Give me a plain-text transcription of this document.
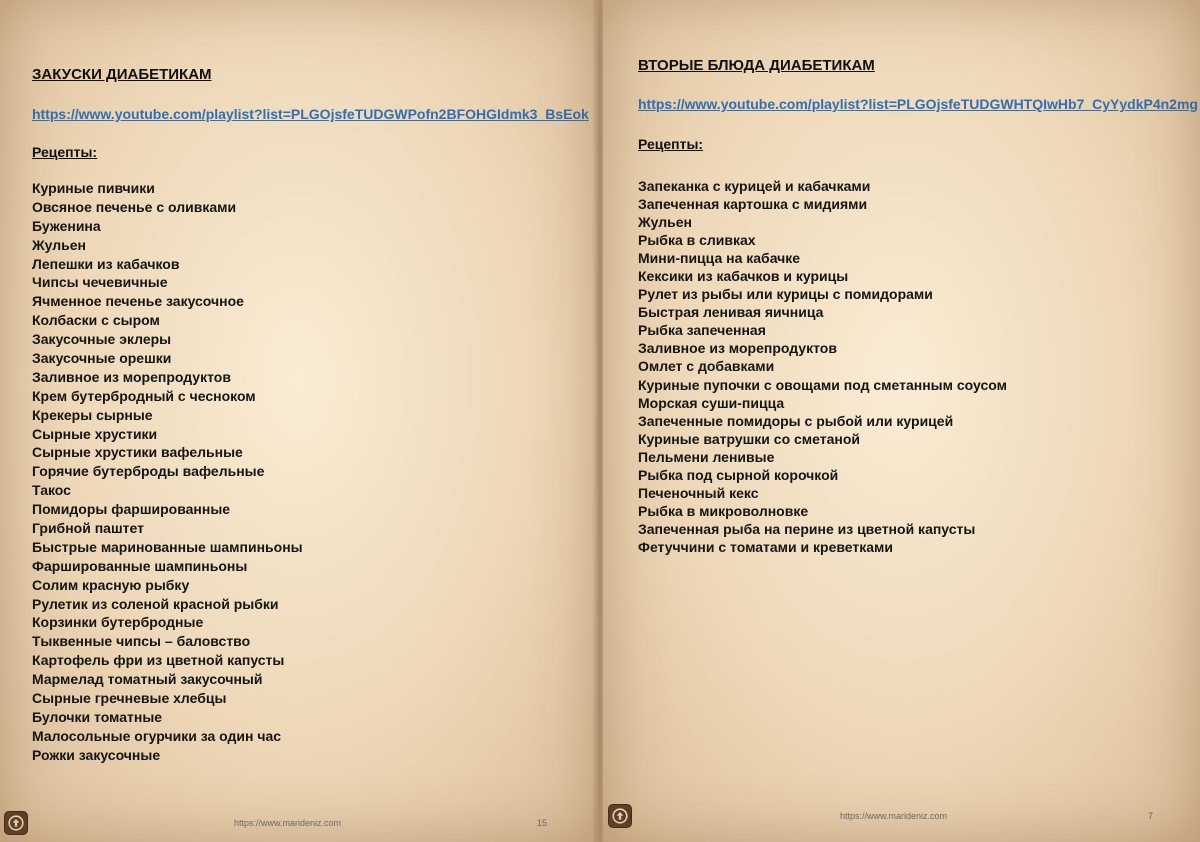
ЗАКУСКИ ДИАБЕТИКАМ
https://www.youtube.com/playlist?list=PLGOjsfeTUDGWPofn2BFOHGIdmk3_BsEok
Рецепты:
Куриные пивчики
Овсяное печенье с оливками
Буженина
Жульен
Лепешки из кабачков
Чипсы чечевичные
Ячменное печенье закусочное
Колбаски с сыром
Закусочные эклеры
Закусочные орешки
Заливное из морепродуктов
Крем бутербродный с чесноком
Крекеры сырные
Сырные хрустики
Сырные хрустики вафельные
Горячие бутерброды вафельные
Такос
Помидоры фаршированные
Грибной паштет
Быстрые маринованные шампиньоны
Фаршированные шампиньоны
Солим красную рыбку
Рулетик из соленой красной рыбки
Корзинки бутербродные
Тыквенные чипсы – баловство
Картофель фри из цветной капусты
Мармелад томатный закусочный
Сырные гречневые хлебцы
Булочки томатные
Малосольные огурчики за один час
Рожки закусочные
https://www.marideniz.com	15
ВТОРЫЕ БЛЮДА ДИАБЕТИКАМ
https://www.youtube.com/playlist?list=PLGOjsfeTUDGWHTQIwHb7_CyYydkP4n2mg
Рецепты:
Запеканка с курицей и кабачками
Запеченная картошка с мидиями
Жульен
Рыбка в сливках
Мини-пицца на кабачке
Кексики из кабачков и курицы
Рулет из рыбы или курицы с помидорами
Быстрая ленивая яичница
Рыбка запеченная
Заливное из морепродуктов
Омлет с добавками
Куриные пупочки с овощами под сметанным соусом
Морская суши-пицца
Запеченные помидоры с рыбой или курицей
Куриные ватрушки со сметаной
Пельмени ленивые
Рыбка под сырной корочкой
Печеночный кекс
Рыбка в микроволновке
Запеченная рыба на перине из цветной капусты
Фетуччини с томатами и креветками
https://www.marideniz.com	7
